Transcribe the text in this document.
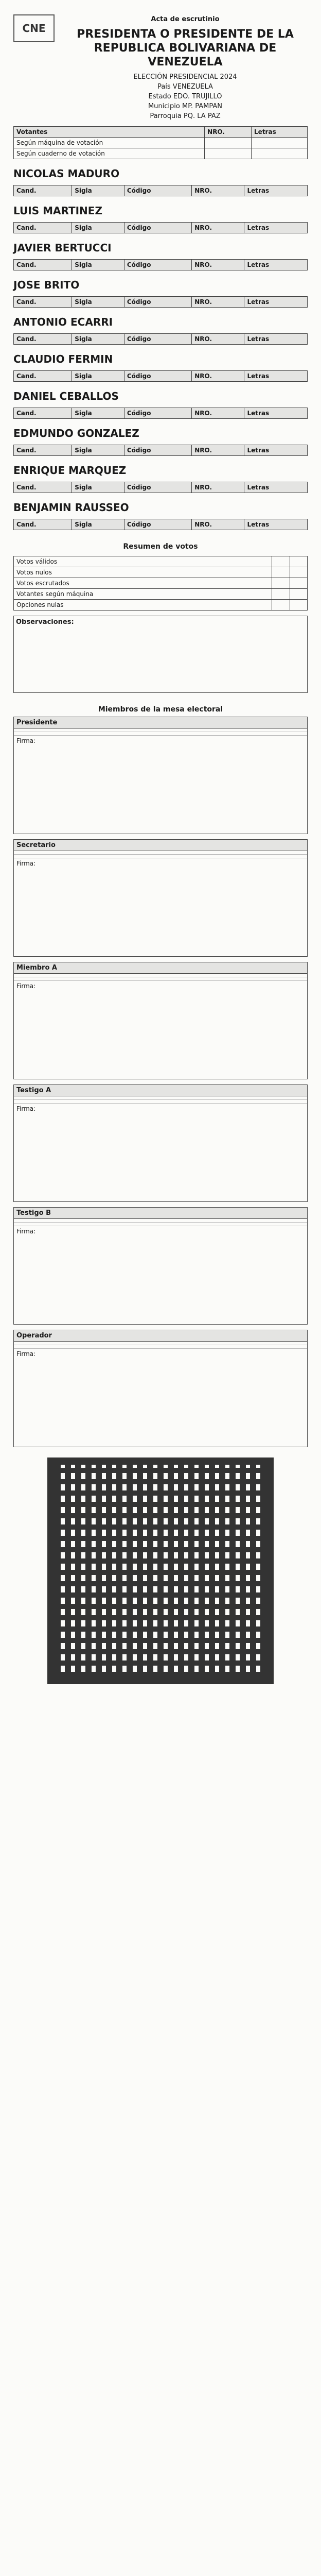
CNE
Acta de escrutinio
PRESIDENTA O PRESIDENTE DE LA REPUBLICA BOLIVARIANA DE VENEZUELA
ELECCIÓN PRESIDENCIAL 2024
País VENEZUELA
Estado EDO. TRUJILLO
Municipio MP. PAMPAN
Parroquia PQ. LA PAZ
Votantes	NRO.	Letras
Según máquina de votación		
Según cuaderno de votación		
NICOLAS MADURO
Cand.	Sigla	Código	NRO.	Letras
LUIS MARTINEZ
Cand.	Sigla	Código	NRO.	Letras
JAVIER BERTUCCI
Cand.	Sigla	Código	NRO.	Letras
JOSE BRITO
Cand.	Sigla	Código	NRO.	Letras
ANTONIO ECARRI
Cand.	Sigla	Código	NRO.	Letras
CLAUDIO FERMIN
Cand.	Sigla	Código	NRO.	Letras
DANIEL CEBALLOS
Cand.	Sigla	Código	NRO.	Letras
EDMUNDO GONZALEZ
Cand.	Sigla	Código	NRO.	Letras
ENRIQUE MARQUEZ
Cand.	Sigla	Código	NRO.	Letras
BENJAMIN RAUSSEO
Cand.	Sigla	Código	NRO.	Letras
Resumen de votos
Votos válidos		
Votos nulos		
Votos escrutados		
Votantes según máquina		
Opciones nulas		
Observaciones:
Miembros de la mesa electoral
Presidente
Firma:
Secretario
Firma:
Miembro A
Firma:
Testigo A
Firma:
Testigo B
Firma:
Operador
Firma:
